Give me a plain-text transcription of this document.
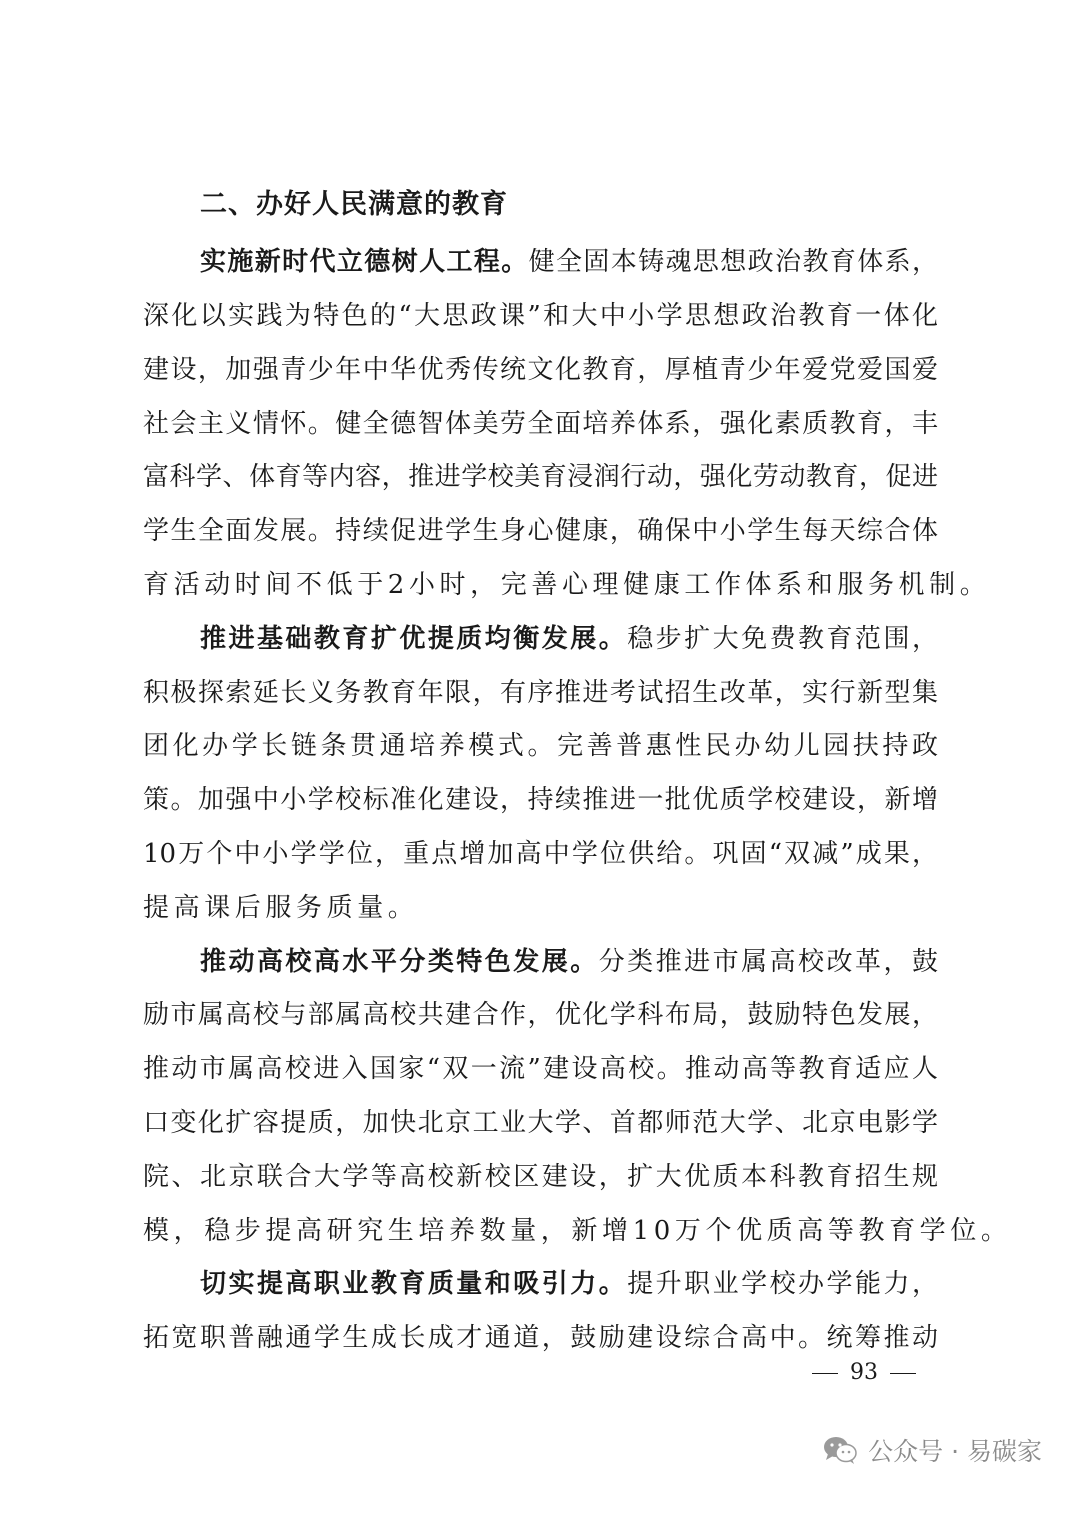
二、办好人民满意的教育
实施新时代立德树人工程。健全固本铸魂思想政治教育体系，
深化以实践为特色的“大思政课”和大中小学思想政治教育一体化
建设，加强青少年中华优秀传统文化教育，厚植青少年爱党爱国爱
社会主义情怀。健全德智体美劳全面培养体系，强化素质教育，丰
富科学、体育等内容，推进学校美育浸润行动，强化劳动教育，促进
学生全面发展。持续促进学生身心健康，确保中小学生每天综合体
育活动时间不低于2小时，完善心理健康工作体系和服务机制。
推进基础教育扩优提质均衡发展。稳步扩大免费教育范围，
积极探索延长义务教育年限，有序推进考试招生改革，实行新型集
团化办学长链条贯通培养模式。完善普惠性民办幼儿园扶持政
策。加强中小学校标准化建设，持续推进一批优质学校建设，新增
10万个中小学学位，重点增加高中学位供给。巩固“双减”成果，
提高课后服务质量。
推动高校高水平分类特色发展。分类推进市属高校改革，鼓
励市属高校与部属高校共建合作，优化学科布局，鼓励特色发展，
推动市属高校进入国家“双一流”建设高校。推动高等教育适应人
口变化扩容提质，加快北京工业大学、首都师范大学、北京电影学
院、北京联合大学等高校新校区建设，扩大优质本科教育招生规
模，稳步提高研究生培养数量，新增10万个优质高等教育学位。
切实提高职业教育质量和吸引力。提升职业学校办学能力，
拓宽职普融通学生成长成才通道，鼓励建设综合高中。统筹推动
93
公众号 · 易碳家
